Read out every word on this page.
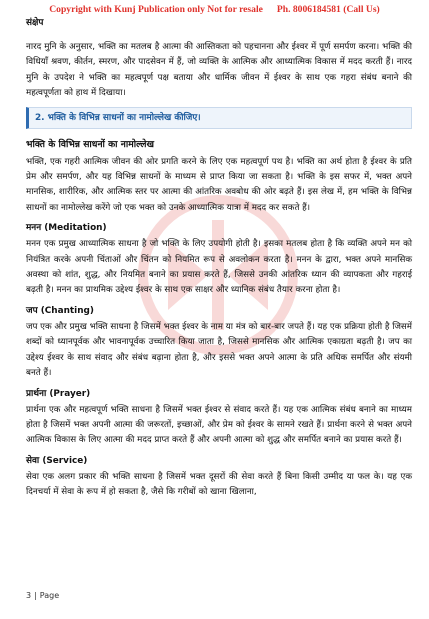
Copyright with Kunj Publication only Not for resale Ph. 8006184581 (Call Us)

संक्षेप

नारद मुनि के अनुसार, भक्ति का मतलब है आत्मा की आस्तिकता को पहचानना और ईश्वर में पूर्ण समर्पण करना। भक्ति की विधियाँ श्रवण, कीर्तन, स्मरण, और पादसेवन में हैं, जो व्यक्ति के आत्मिक और आध्यात्मिक विकास में मदद करती हैं। नारद मुनि के उपदेश ने भक्ति का महत्वपूर्ण पक्ष बताया और धार्मिक जीवन में ईश्वर के साथ एक गहरा संबंध बनाने की महत्वपूर्णता को हाथ में दिखाया।

2. भक्ति के विभिन्न साधनों का नामोल्लेख कीजिए।

भक्ति के विभिन्न साधनों का नामोल्लेख

भक्ति, एक गहरी आत्मिक जीवन की ओर प्रगति करने के लिए एक महत्वपूर्ण पथ है। भक्ति का अर्थ होता है ईश्वर के प्रति प्रेम और समर्पण, और यह विभिन्न साधनों के माध्यम से प्राप्त किया जा सकता है। भक्ति के इस सफर में, भक्त अपने मानसिक, शारीरिक, और आत्मिक स्तर पर आत्मा की आंतरिक अवबोध की ओर बढ़ते हैं। इस लेख में, हम भक्ति के विभिन्न साधनों का नामोल्लेख करेंगे जो एक भक्त को उनके आध्यात्मिक यात्रा में मदद कर सकते हैं।

मनन (Meditation)

मनन एक प्रमुख आध्यात्मिक साधना है जो भक्ति के लिए उपयोगी होती है। इसका मतलब होता है कि व्यक्ति अपने मन को नियंत्रित करके अपनी चिंताओं और चिंतन को नियमित रूप से अवलोकन करता है। मनन के द्वारा, भक्त अपने मानसिक अवस्था को शांत, शुद्ध, और नियमित बनाने का प्रयास करते हैं, जिससे उनकी आंतरिक ध्यान की व्यापकता और गहराई बढ़ती है। मनन का प्राथमिक उद्देश्य ईश्वर के साथ एक साक्षर और ध्यानिक संबंध तैयार करना होता है।

जप (Chanting)

जप एक और प्रमुख भक्ति साधना है जिसमें भक्त ईश्वर के नाम या मंत्र को बार-बार जपते हैं। यह एक प्रक्रिया होती है जिसमें शब्दों को ध्यानपूर्वक और भावनापूर्वक उच्चारित किया जाता है, जिससे मानसिक और आत्मिक एकाग्रता बढ़ती है। जप का उद्देश्य ईश्वर के साथ संवाद और संबंध बढ़ाना होता है, और इससे भक्त अपने आत्मा के प्रति अधिक समर्पित और संयमी बनते हैं।

प्रार्थना (Prayer)

प्रार्थना एक और महत्वपूर्ण भक्ति साधना है जिसमें भक्त ईश्वर से संवाद करते हैं। यह एक आत्मिक संबंध बनाने का माध्यम होता है जिसमें भक्त अपनी आत्मा की जरूरतों, इच्छाओं, और प्रेम को ईश्वर के सामने रखते हैं। प्रार्थना करने से भक्त अपने आत्मिक विकास के लिए आत्मा की मदद प्राप्त करते हैं और अपनी आत्मा को शुद्ध और समर्पित बनाने का प्रयास करते हैं।

सेवा (Service)

सेवा एक अलग प्रकार की भक्ति साधना है जिसमें भक्त दूसरों की सेवा करते हैं बिना किसी उम्मीद या फल के। यह एक दिनचर्या में सेवा के रूप में हो सकता है, जैसे कि गरीबों को खाना खिलाना,

3 | Page
